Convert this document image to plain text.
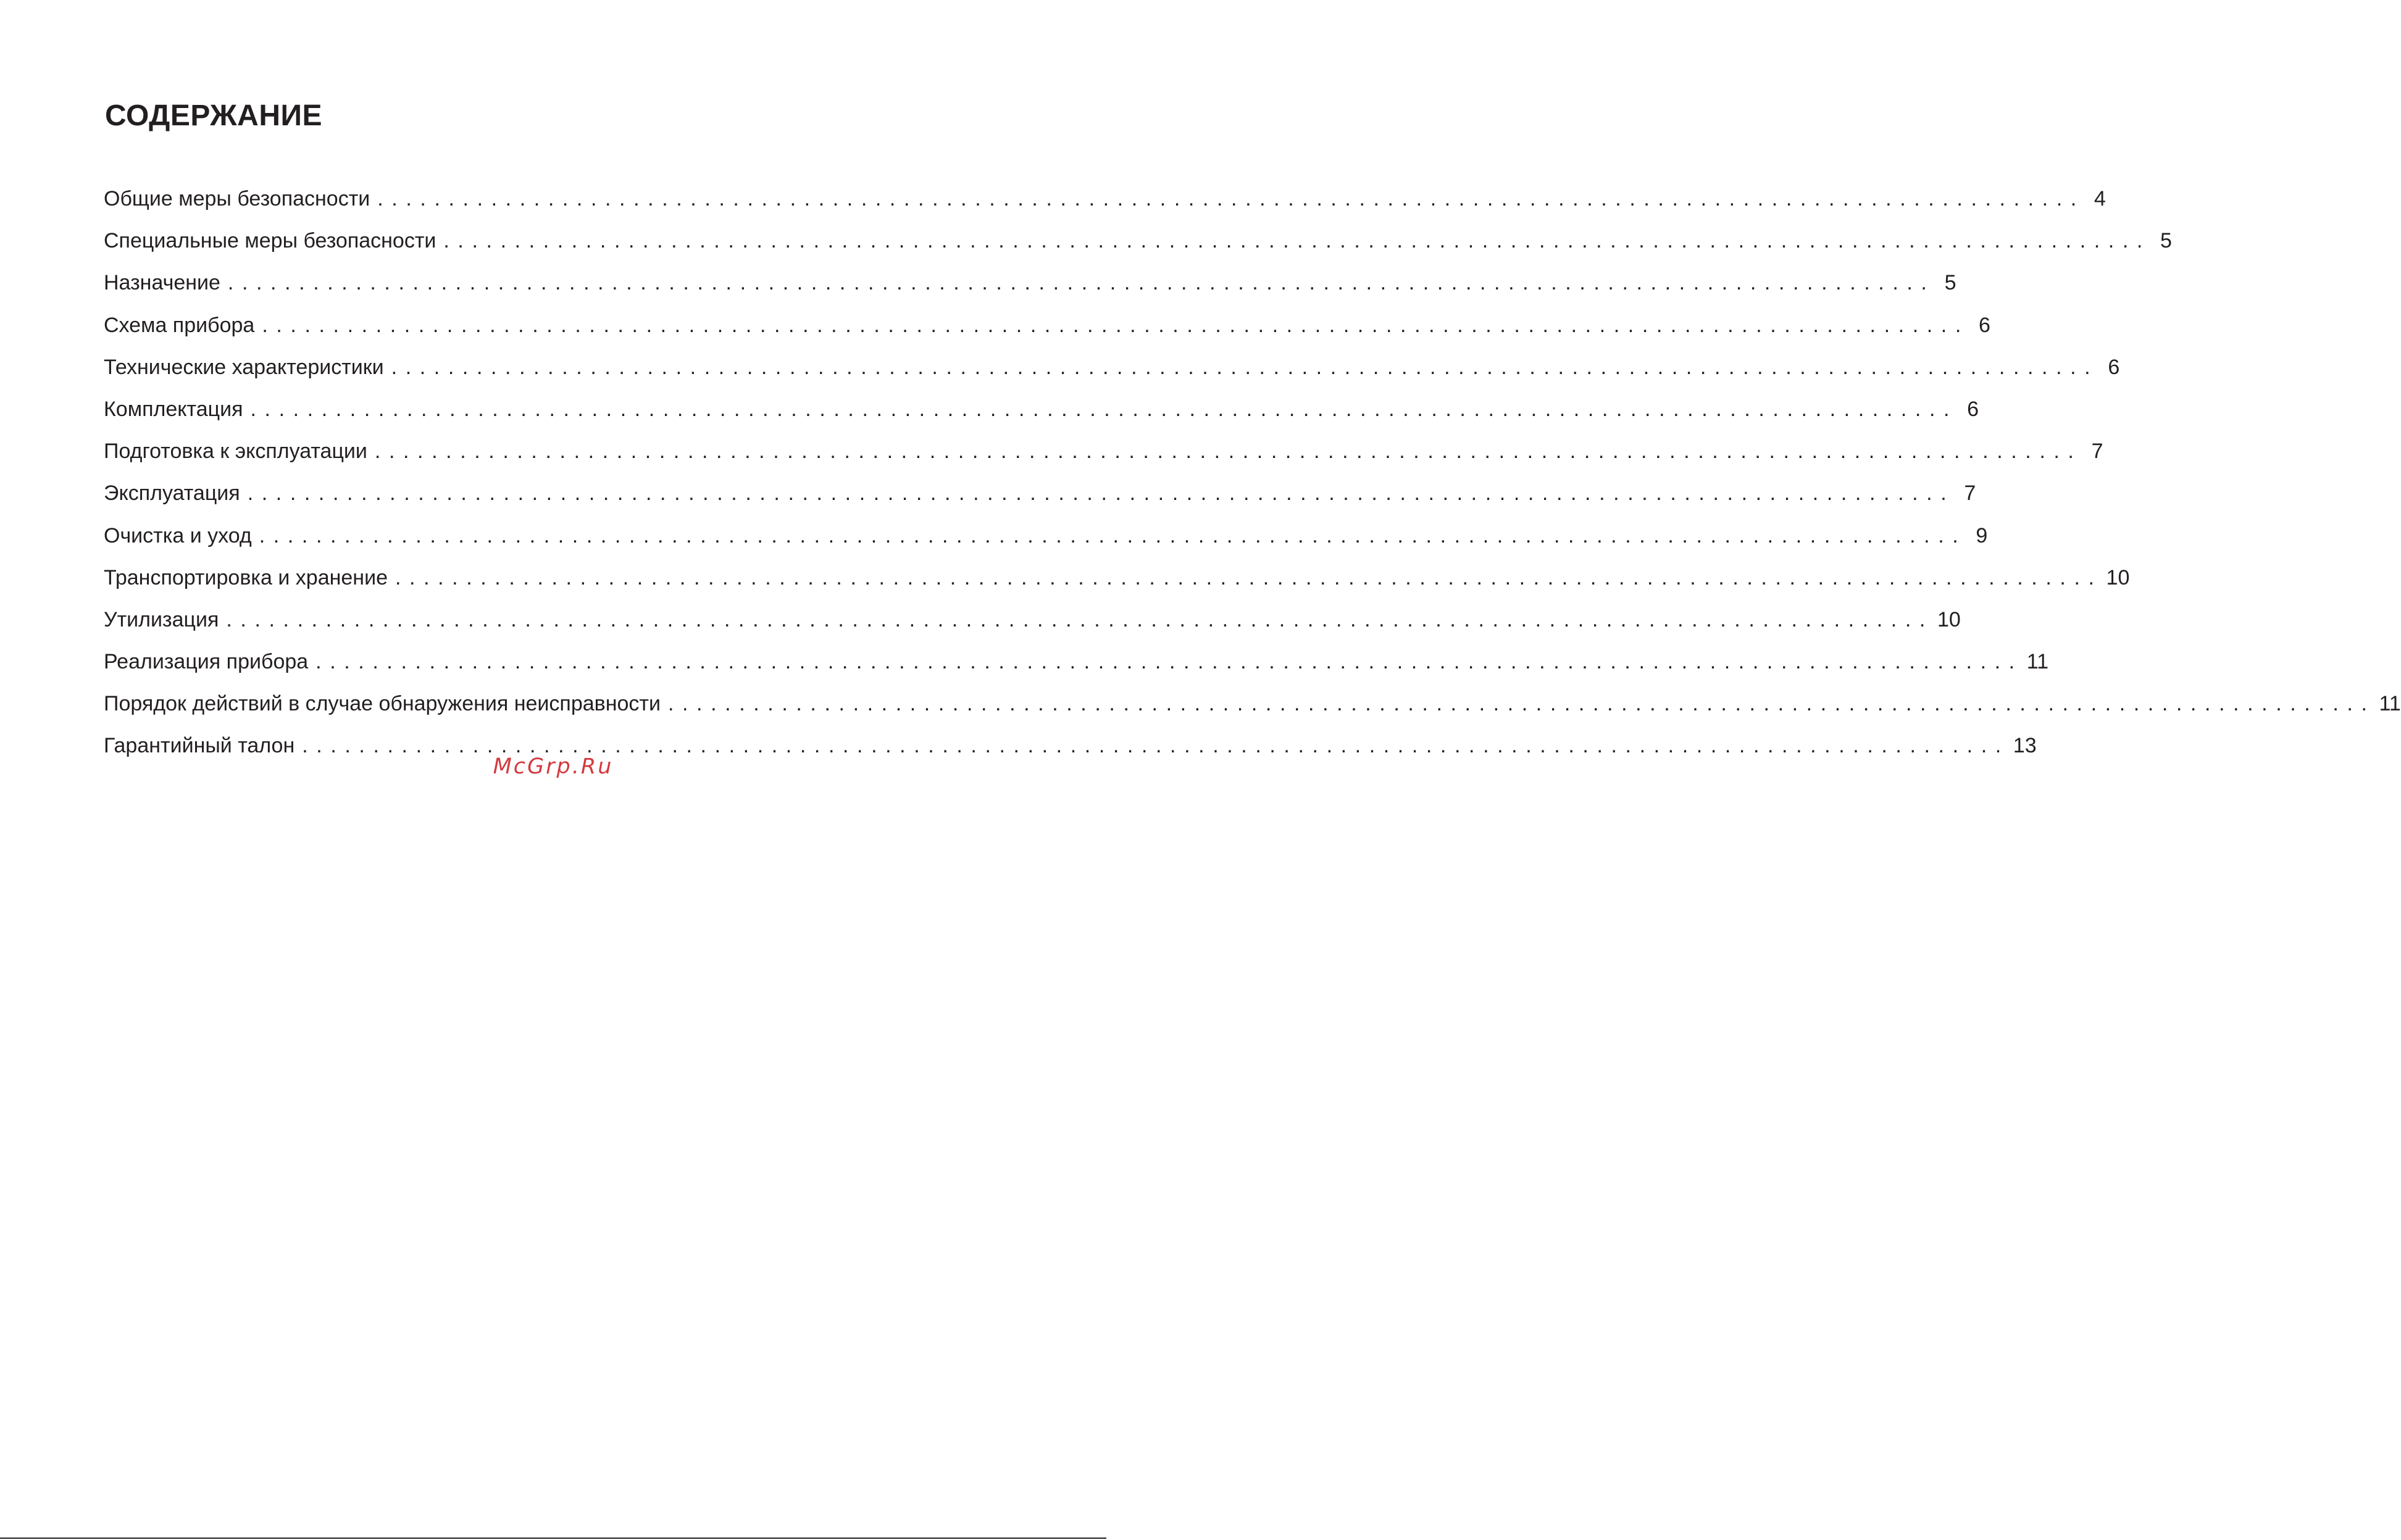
СОДЕРЖАНИЕ
Общие меры безопасности ........................................................................................................................ 4
Специальные меры безопасности ........................................................................................................................ 5
Назначение ........................................................................................................................ 5
Схема прибора ........................................................................................................................ 6
Технические характеристики ........................................................................................................................ 6
Комплектация ........................................................................................................................ 6
Подготовка к эксплуатации ........................................................................................................................ 7
Эксплуатация ........................................................................................................................ 7
Очистка и уход ........................................................................................................................ 9
Транспортировка и хранение ........................................................................................................................ 10
Утилизация ........................................................................................................................ 10
Реализация прибора ........................................................................................................................ 11
Порядок действий в случае обнаружения неисправности ........................................................................................................................ 11
Гарантийный талон ........................................................................................................................ 13
McGrp.Ru
